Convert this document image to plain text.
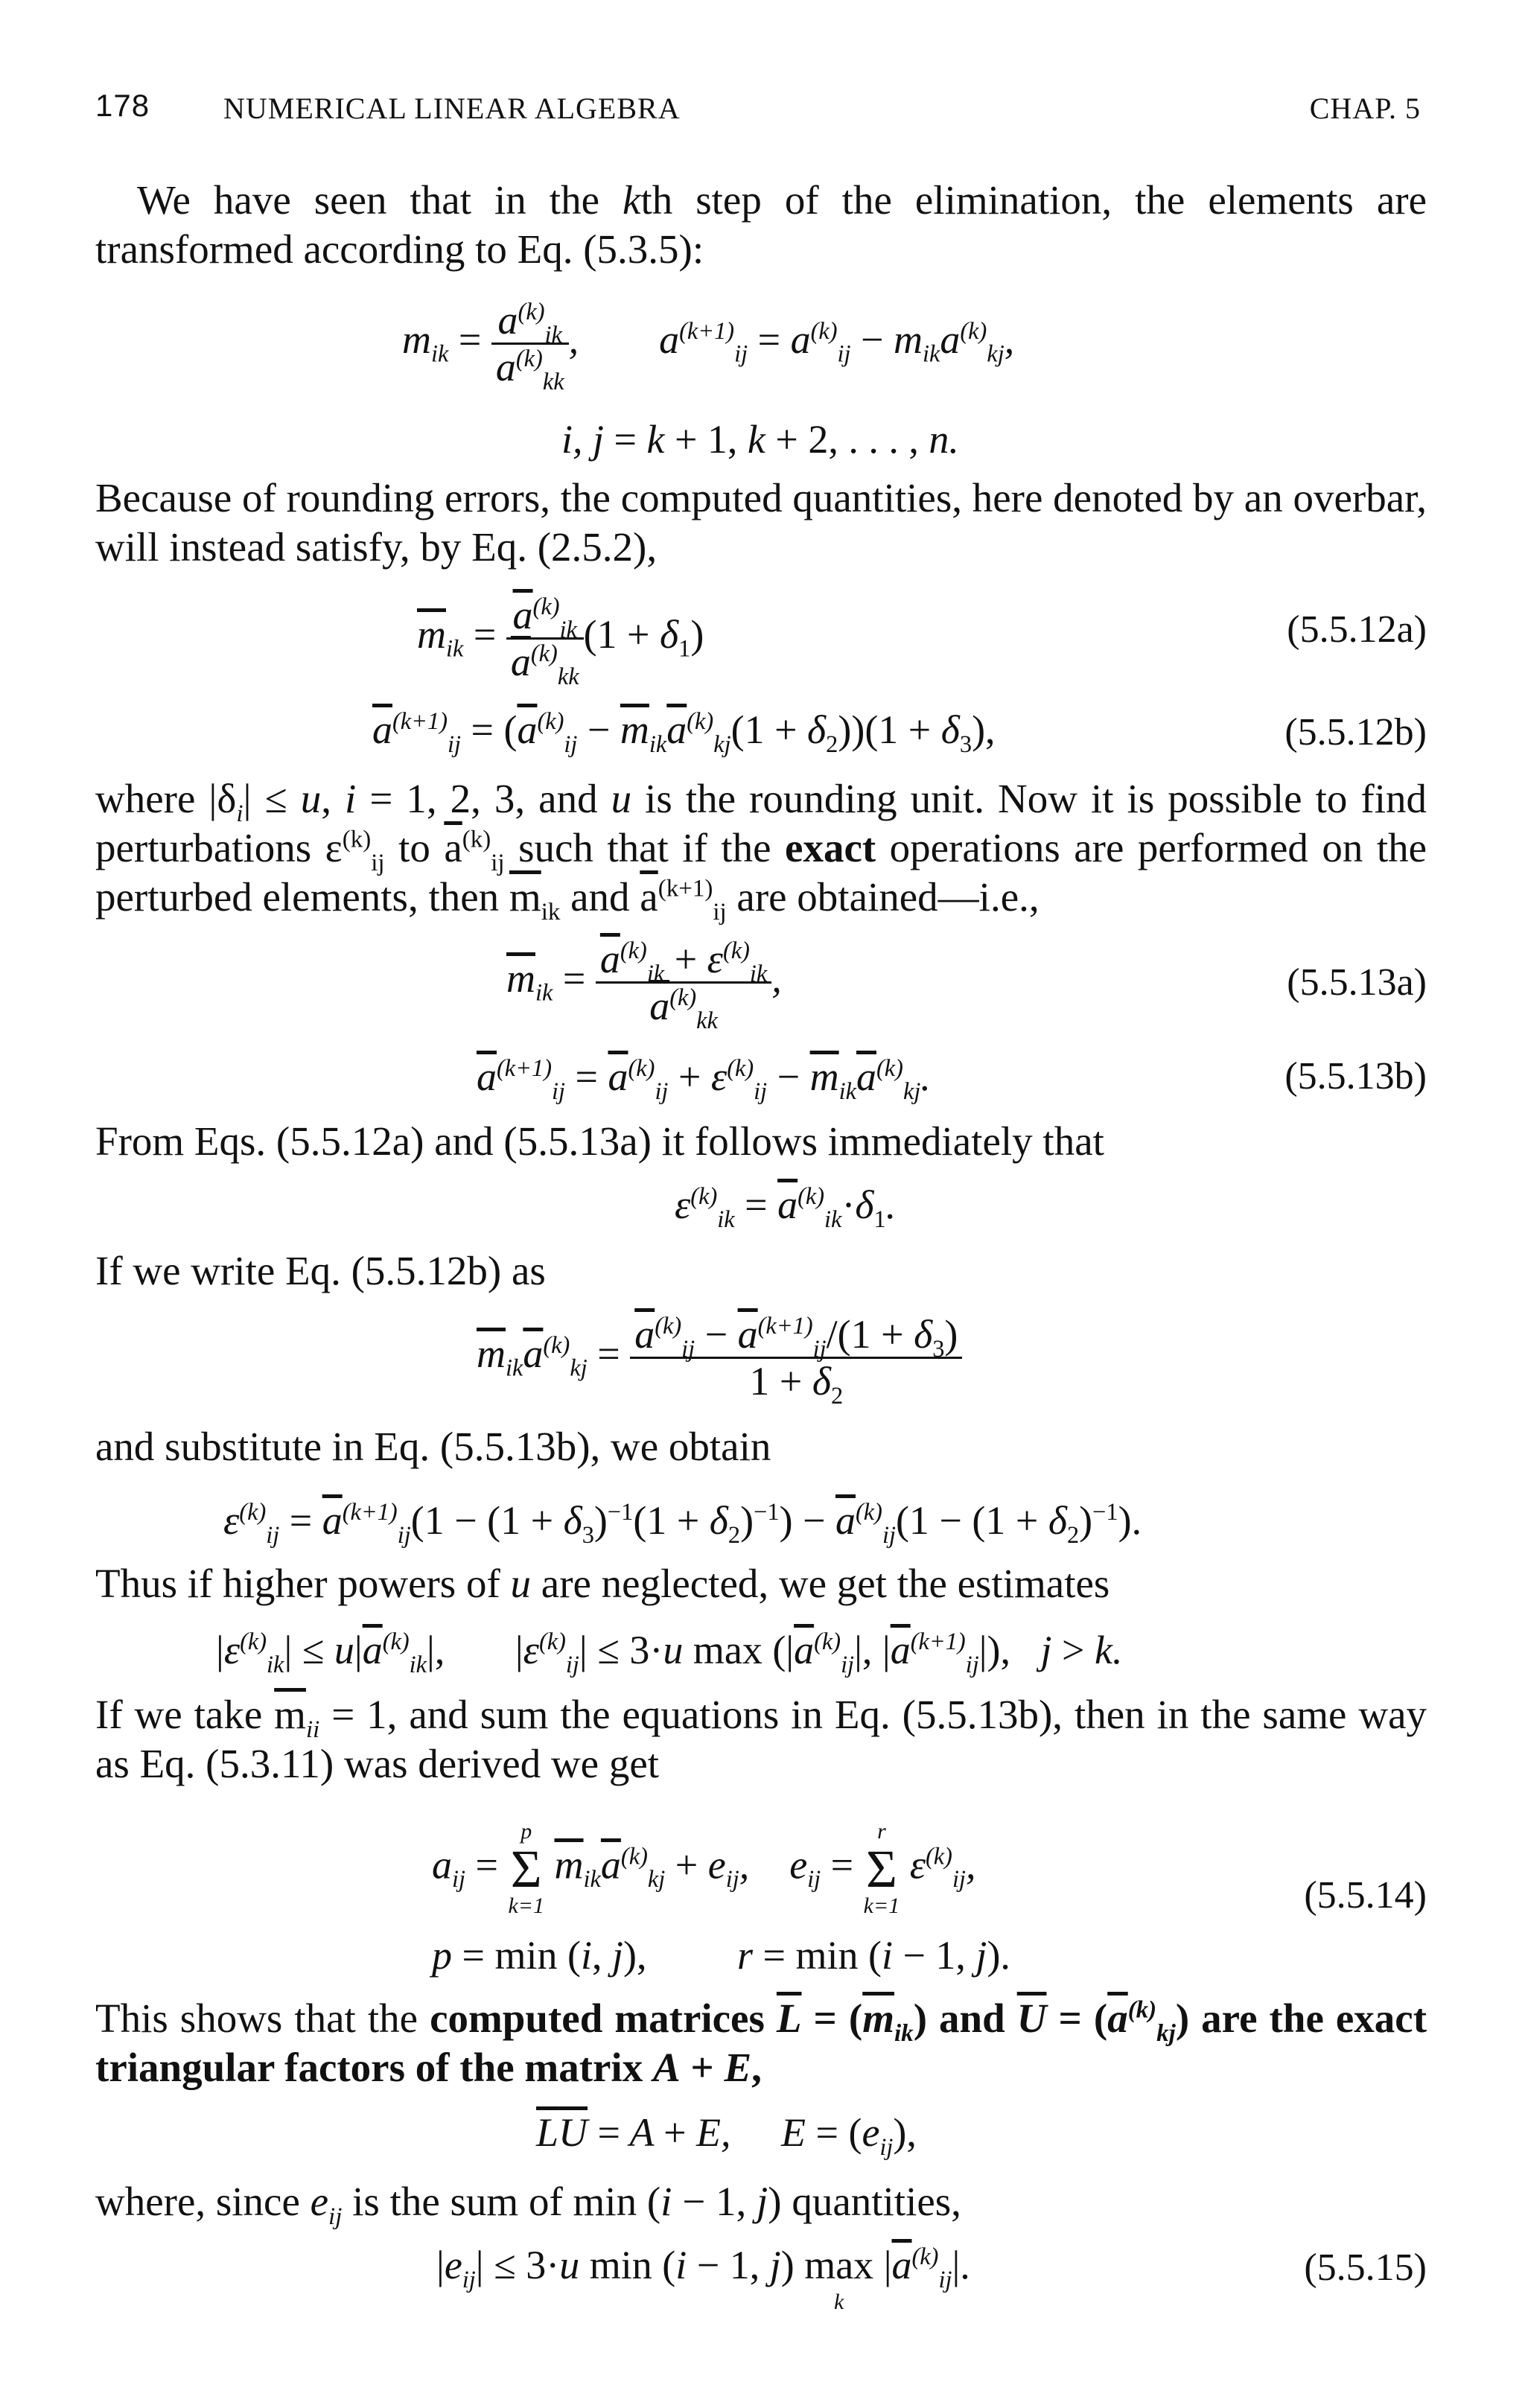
178 NUMERICAL LINEAR ALGEBRA	CHAP. 5
We have seen that in the kth step of the elimination, the elements are transformed according to Eq. (5.3.5):
$m_{ik} = \frac{a^{(k)}_{ik}}{a^{(k)}_{kk}}$ ,        $a^{(k+1)}_{ij} = a^{(k)}_{ij} - m_{ik}a^{(k)}_{kj}$,
i, j = k + 1, k + 2, . . . , n.
Because of rounding errors, the computed quantities, here denoted by an overbar, will instead satisfy, by Eq. (2.5.2),
$\overline{m}_{ik} = \frac{\overline{a}^{(k)}_{ik}}{\overline{a}^{(k)}_{kk}} (1 + \delta_1)$	(5.5.12a)
$\overline{a}^{(k+1)}_{ij} = (\overline{a}^{(k)}_{ij} - \overline{m}_{ik}\overline{a}^{(k)}_{kj}(1 + \delta_2))(1 + \delta_3)$,	(5.5.12b)
where $|\delta_i| \le u$, i = 1, 2, 3, and u is the rounding unit. Now it is possible to find perturbations $\varepsilon^{(k)}_{ij}$ to $\overline{a}^{(k)}_{ij}$ such that if the exact operations are performed on the perturbed elements, then $\overline{m}_{ik}$ and $\overline{a}^{(k+1)}_{ij}$ are obtained—i.e.,
$\overline{m}_{ik} = \frac{\overline{a}^{(k)}_{ik} + \varepsilon^{(k)}_{ik}}{\overline{a}^{(k)}_{kk}}$ ,	(5.5.13a)
$\overline{a}^{(k+1)}_{ij} = \overline{a}^{(k)}_{ij} + \varepsilon^{(k)}_{ij} - \overline{m}_{ik}\overline{a}^{(k)}_{kj}$.	(5.5.13b)
From Eqs. (5.5.12a) and (5.5.13a) it follows immediately that
$\varepsilon^{(k)}_{ik} = \overline{a}^{(k)}_{ik}\cdot\delta_1$.
If we write Eq. (5.5.12b) as
$\overline{m}_{ik}\overline{a}^{(k)}_{kj} = \frac{\overline{a}^{(k)}_{ij} - \overline{a}^{(k+1)}_{ij}/(1 + \delta_3)}{1 + \delta_2}$
and substitute in Eq. (5.5.13b), we obtain
$\varepsilon^{(k)}_{ij} = \overline{a}^{(k+1)}_{ij}(1 - (1 + \delta_3)^{-1}(1 + \delta_2)^{-1}) - \overline{a}^{(k)}_{ij}(1 - (1 + \delta_2)^{-1})$.
Thus if higher powers of u are neglected, we get the estimates
$|\varepsilon^{(k)}_{ik}| \le u|\overline{a}^{(k)}_{ik}|$, $|\varepsilon^{(k)}_{ij}| \le 3\cdot u$ $\max (|\overline{a}^{(k)}_{ij}|$, $|\overline{a}^{(k+1)}_{ij}|$),   j > k.
If we take $\overline{m}_{ii} = 1$, and sum the equations in Eq. (5.5.13b), then in the same way as Eq. (5.3.11) was derived we get
$a_{ij}$ =
p
Σ
k=1
$\overline{m}_{ik}\overline{a}^{(k)}_{kj} + e_{ij}$,    $e_{ij}$ =
r
Σ
k=1
$\varepsilon^{(k)}_{ij}$,
(5.5.14)
p = min (i, j),         r = min (i − 1, j).
This shows that the computed matrices $\overline{L} = (\overline{m}_{ik})$ and $\overline{U} = (\overline{a}^{(k)}_{kj})$ are the exact triangular factors of the matrix A + E,
$\overline{L}\overline{U} = A + E$,     $E = (e_{ij})$,
where, since $e_{ij}$ is the sum of min (i − 1, j) quantities,
$|e_{ij}| \le 3\cdot u$ min (i − 1, j) max
k
$|\overline{a}^{(k)}_{ij}|$.	(5.5.15)
